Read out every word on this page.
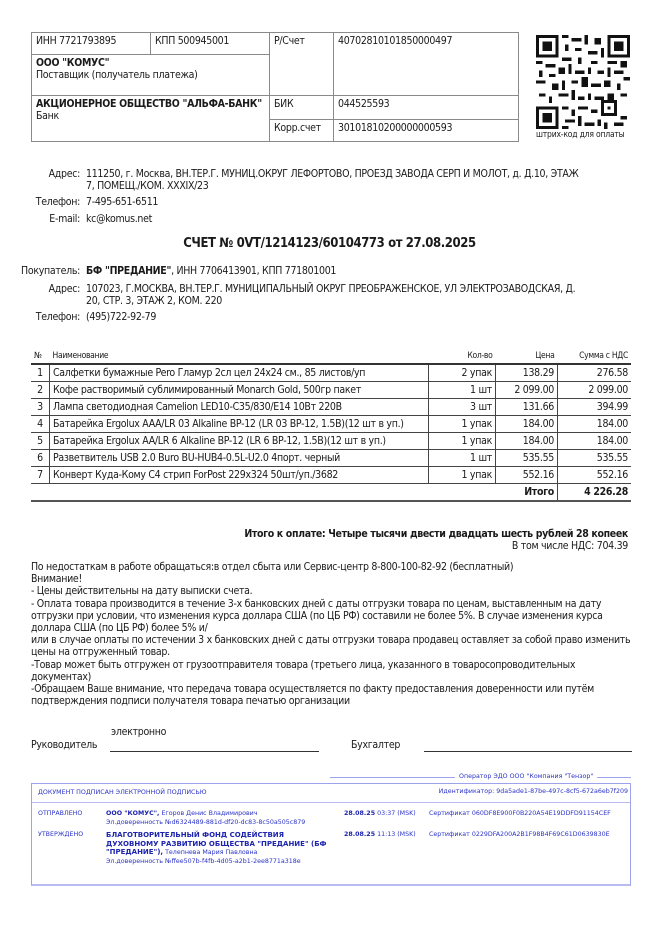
ИНН 7721793895	КПП 500945001	Р/Счет	40702810101850000497

ООО "КОМУС"
Поставщик (получатель платежа)			

АКЦИОНЕРНОЕ ОБЩЕСТВО "АЛЬФА-БАНК"
Банк		БИК	044525593
		Корр.счет	30101810200000000593
штрих-код для оплаты
Адрес: 111250, г. Москва, ВН.ТЕР.Г. МУНИЦ.ОКРУГ ЛЕФОРТОВО, ПРОЕЗД ЗАВОДА СЕРП И МОЛОТ, д. Д.10, ЭТАЖ
7, ПОМЕЩ./КОМ. XXXIX/23
Телефон: 7-495-651-6511
E-mail: kc@komus.net
СЧЕТ № 0VT/1214123/60104773 от 27.08.2025
Покупатель: БФ "ПРЕДАНИЕ", ИНН 7706413901, КПП 771801001
Адрес: 107023, Г.МОСКВА, ВН.ТЕР.Г. МУНИЦИПАЛЬНЫЙ ОКРУГ ПРЕОБРАЖЕНСКОЕ, УЛ ЭЛЕКТРОЗАВОДСКАЯ, Д.
20, СТР. 3, ЭТАЖ 2, КОМ. 220
Телефон: (495)722-92-79
№	Наименование	Кол-во	Цена	Сумма с НДС
1	Салфетки бумажные Pero Гламур 2сл цел 24х24 см., 85 листов/уп	2 упак	138.29	276.58
2	Кофе растворимый сублимированный Monarch Gold, 500гр пакет	1 шт	2 099.00	2 099.00
3	Лампа светодиодная Camelion LED10-C35/830/E14 10Вт 220В	3 шт	131.66	394.99
4	Батарейка Ergolux AAA/LR 03 Alkaline BP-12 (LR 03 BP-12, 1.5В)(12 шт в уп.)	1 упак	184.00	184.00
5	Батарейка Ergolux AA/LR 6 Alkaline BP-12 (LR 6 BP-12, 1.5В)(12 шт в уп.)	1 упак	184.00	184.00
6	Разветвитель USB 2.0 Buro BU-HUB4-0.5L-U2.0 4порт. черный	1 шт	535.55	535.55
7	Конверт Куда-Кому С4 стрип ForPost 229х324 50шт/уп./3682	1 упак	552.16	552.16
Итого				4 226.28
Итого к оплате: Четыре тысячи двести двадцать шесть рублей 28 копеек
В том числе НДС: 704.39
По недостаткам в работе обращаться:в отдел сбыта или Сервис-центр 8-800-100-82-92 (бесплатный)
Внимание!
- Цены действительны на дату выписки счета.
- Оплата товара производится в течение 3-х банковских дней с даты отгрузки товара по ценам, выставленным на дату отгрузки при условии, что изменения курса доллара США (по ЦБ РФ) составили не более 5%. В случае изменения курса доллара США (по ЦБ РФ) более 5% и/
или в случае оплаты по истечении 3 х банковских дней с даты отгрузки товара продавец оставляет за собой право изменить цены на отгруженный товар.
-Товар может быть отгружен от грузоотправителя товара (третьего лица, указанного в товаросопроводительных документах)
-Обращаем Ваше внимание, что передача товара осуществляется по факту предоставления доверенности или путём подтверждения подписи получателя товара печатью организации
электронно
Руководитель	Бухгалтер
ДОКУМЕНТ ПОДПИСАН ЭЛЕКТРОННОЙ ПОДПИСЬЮ
ОТПРАВЛЕНО	ООО "КОМУС", Егоров Денис Владимирович
Эл.доверенность №d6324489-881d-df20-dc83-8c50a505c879
28.08.25 03:37 (MSK) Сертификат 060DF8E900F0B220A54E19DDFD91154CEF
УТВЕРЖДЕНО	БЛАГОТВОРИТЕЛЬНЫЙ ФОНД СОДЕЙСТВИЯ
ДУХОВНОМУ РАЗВИТИЮ ОБЩЕСТВА "ПРЕДАНИЕ" (БФ
"ПРЕДАНИЕ"), Телепнева Мария Павловна
Эл.доверенность №ffee507b-f4fb-4d05-a2b1-2ee8771a318e
28.08.25 11:13 (MSK) Сертификат 0229DFA200A2B1F98B4F69C61D0639830E
Оператор ЭДО ООО "Компания "Тензор"
Идентификатор: 9da5ade1-87be-497c-8cf5-672a6eb7f209
